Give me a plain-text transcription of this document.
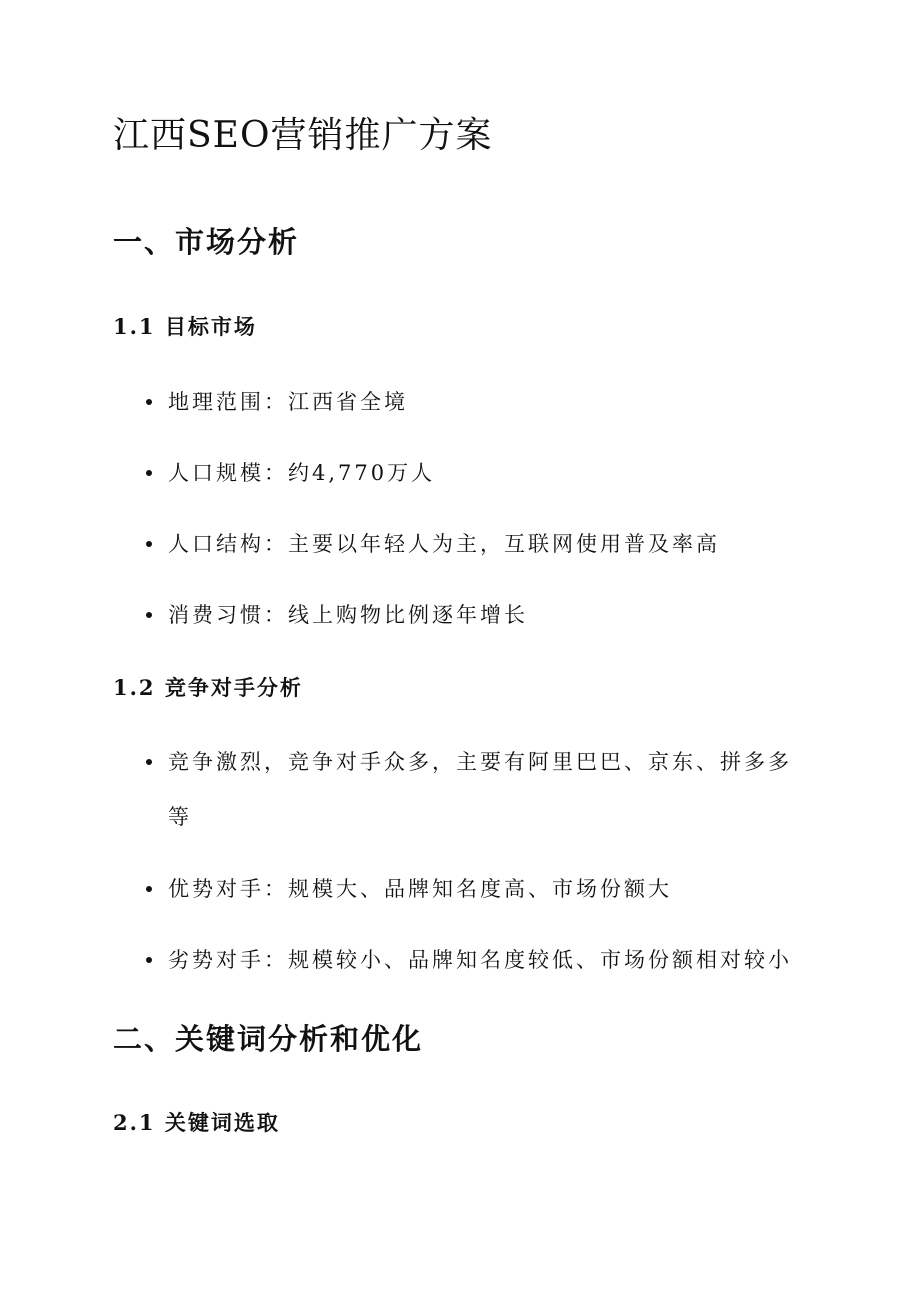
江西SEO营销推广方案
一、市场分析
1.1 目标市场
地理范围：江西省全境
人口规模：约4,770万人
人口结构：主要以年轻人为主，互联网使用普及率高
消费习惯：线上购物比例逐年增长
1.2 竞争对手分析
竞争激烈，竞争对手众多，主要有阿里巴巴、京东、拼多多等
优势对手：规模大、品牌知名度高、市场份额大
劣势对手：规模较小、品牌知名度较低、市场份额相对较小
二、关键词分析和优化
2.1 关键词选取
